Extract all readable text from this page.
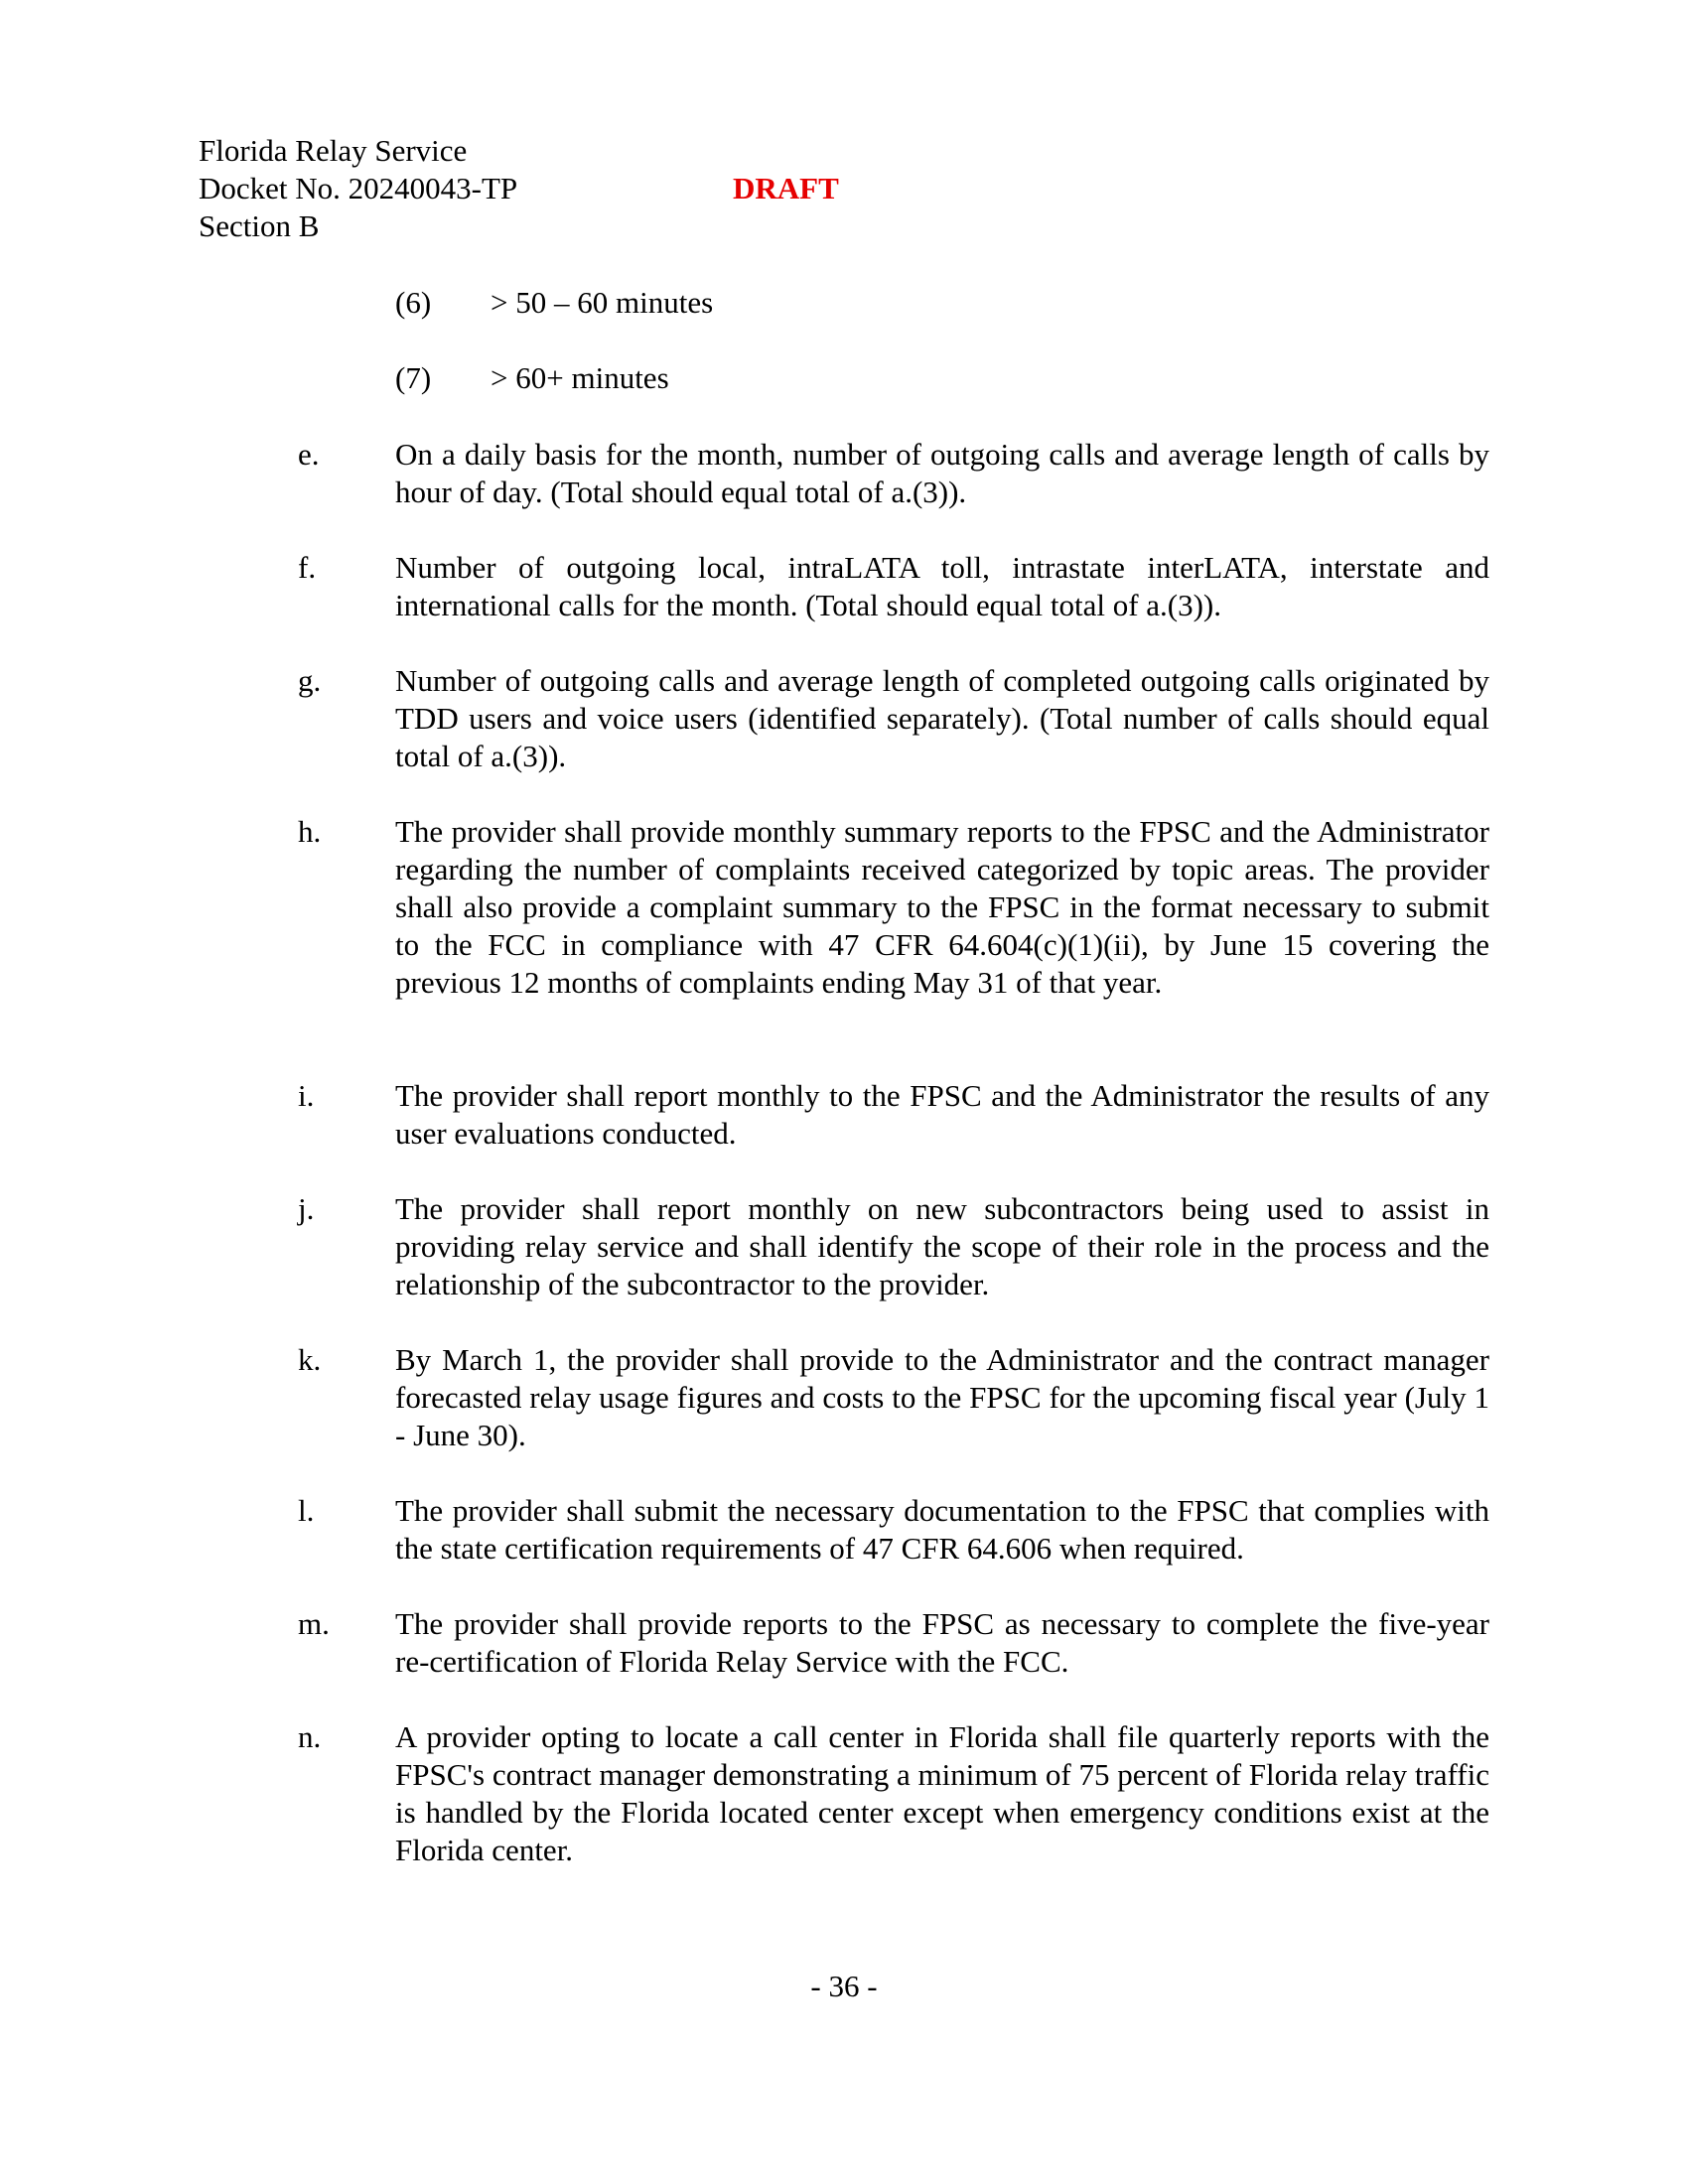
Florida Relay Service
Docket No. 20240043-TP
Section B
DRAFT
(6) > 50 – 60 minutes
(7) > 60+ minutes
e. On a daily basis for the month, number of outgoing calls and average length of calls by hour of day. (Total should equal total of a.(3)).
f.	Number of outgoing local, intraLATA toll, intrastate interLATA, interstate and international calls for the month. (Total should equal total of a.(3)).
g. Number of outgoing calls and average length of completed outgoing calls originated by TDD users and voice users (identified separately). (Total number of calls should equal total of a.(3)).
h. The provider shall provide monthly summary reports to the FPSC and the Administrator regarding the number of complaints received categorized by topic areas. The provider shall also provide a complaint summary to the FPSC in the format necessary to submit to the FCC in compliance with 47 CFR 64.604(c)(1)(ii), by June 15 covering the previous 12 months of complaints ending May 31 of that year.
i.	The provider shall report monthly to the FPSC and the Administrator the results of any user evaluations conducted.
j.	The provider shall report monthly on new subcontractors being used to assist in providing relay service and shall identify the scope of their role in the process and the relationship of the subcontractor to the provider.
k. By March 1, the provider shall provide to the Administrator and the contract manager forecasted relay usage figures and costs to the FPSC for the upcoming fiscal year (July 1 - June 30).
l.	The provider shall submit the necessary documentation to the FPSC that complies with the state certification requirements of 47 CFR 64.606 when required.
m. The provider shall provide reports to the FPSC as necessary to complete the five-year re-certification of Florida Relay Service with the FCC.
n. A provider opting to locate a call center in Florida shall file quarterly reports with the FPSC's contract manager demonstrating a minimum of 75 percent of Florida relay traffic is handled by the Florida located center except when emergency conditions exist at the Florida center.
- 36 -
